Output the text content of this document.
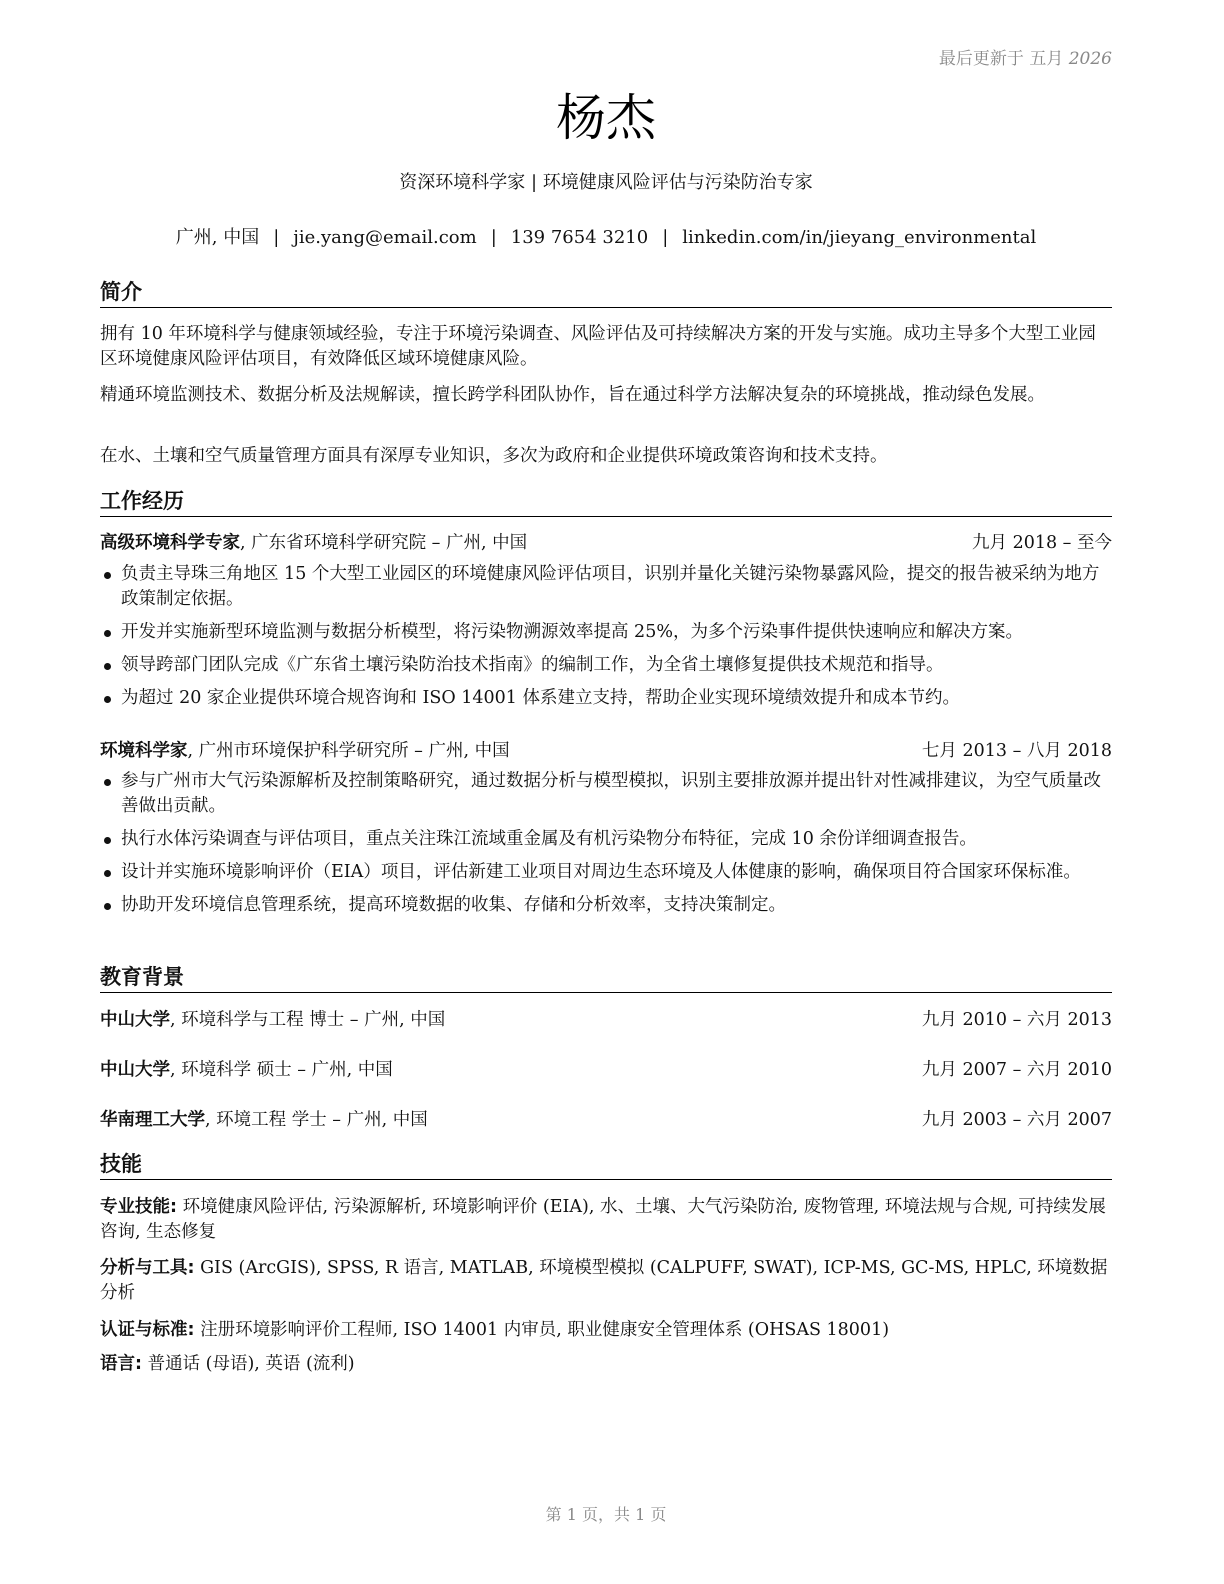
最后更新于 五月 2026
杨杰
资深环境科学家 | 环境健康风险评估与污染防治专家
广州, 中国 | jie.yang@email.com | 139 7654 3210 | linkedin.com/in/jieyang_environmental
简介
拥有 10 年环境科学与健康领域经验，专注于环境污染调查、风险评估及可持续解决方案的开发与实施。成功主导多个大型工业园区环境健康风险评估项目，有效降低区域环境健康风险。
精通环境监测技术、数据分析及法规解读，擅长跨学科团队协作，旨在通过科学方法解决复杂的环境挑战，推动绿色发展。
在水、土壤和空气质量管理方面具有深厚专业知识，多次为政府和企业提供环境政策咨询和技术支持。
工作经历
高级环境科学专家, 广东省环境科学研究院 – 广州, 中国	九月 2018 – 至今
负责主导珠三角地区 15 个大型工业园区的环境健康风险评估项目，识别并量化关键污染物暴露风险，提交的报告被采纳为地方政策制定依据。
开发并实施新型环境监测与数据分析模型，将污染物溯源效率提高 25%，为多个污染事件提供快速响应和解决方案。
领导跨部门团队完成《广东省土壤污染防治技术指南》的编制工作，为全省土壤修复提供技术规范和指导。
为超过 20 家企业提供环境合规咨询和 ISO 14001 体系建立支持，帮助企业实现环境绩效提升和成本节约。
环境科学家, 广州市环境保护科学研究所 – 广州, 中国	七月 2013 – 八月 2018
参与广州市大气污染源解析及控制策略研究，通过数据分析与模型模拟，识别主要排放源并提出针对性减排建议，为空气质量改善做出贡献。
执行水体污染调查与评估项目，重点关注珠江流域重金属及有机污染物分布特征，完成 10 余份详细调查报告。
设计并实施环境影响评价（EIA）项目，评估新建工业项目对周边生态环境及人体健康的影响，确保项目符合国家环保标准。
协助开发环境信息管理系统，提高环境数据的收集、存储和分析效率，支持决策制定。
教育背景
中山大学, 环境科学与工程 博士 – 广州, 中国	九月 2010 – 六月 2013
中山大学, 环境科学 硕士 – 广州, 中国	九月 2007 – 六月 2010
华南理工大学, 环境工程 学士 – 广州, 中国	九月 2003 – 六月 2007
技能
专业技能: 环境健康风险评估, 污染源解析, 环境影响评价 (EIA), 水、土壤、大气污染防治, 废物管理, 环境法规与合规, 可持续发展咨询, 生态修复
分析与工具: GIS (ArcGIS), SPSS, R 语言, MATLAB, 环境模型模拟 (CALPUFF, SWAT), ICP-MS, GC-MS, HPLC, 环境数据分析
认证与标准: 注册环境影响评价工程师, ISO 14001 内审员, 职业健康安全管理体系 (OHSAS 18001)
语言: 普通话 (母语), 英语 (流利)
第 1 页，共 1 页
